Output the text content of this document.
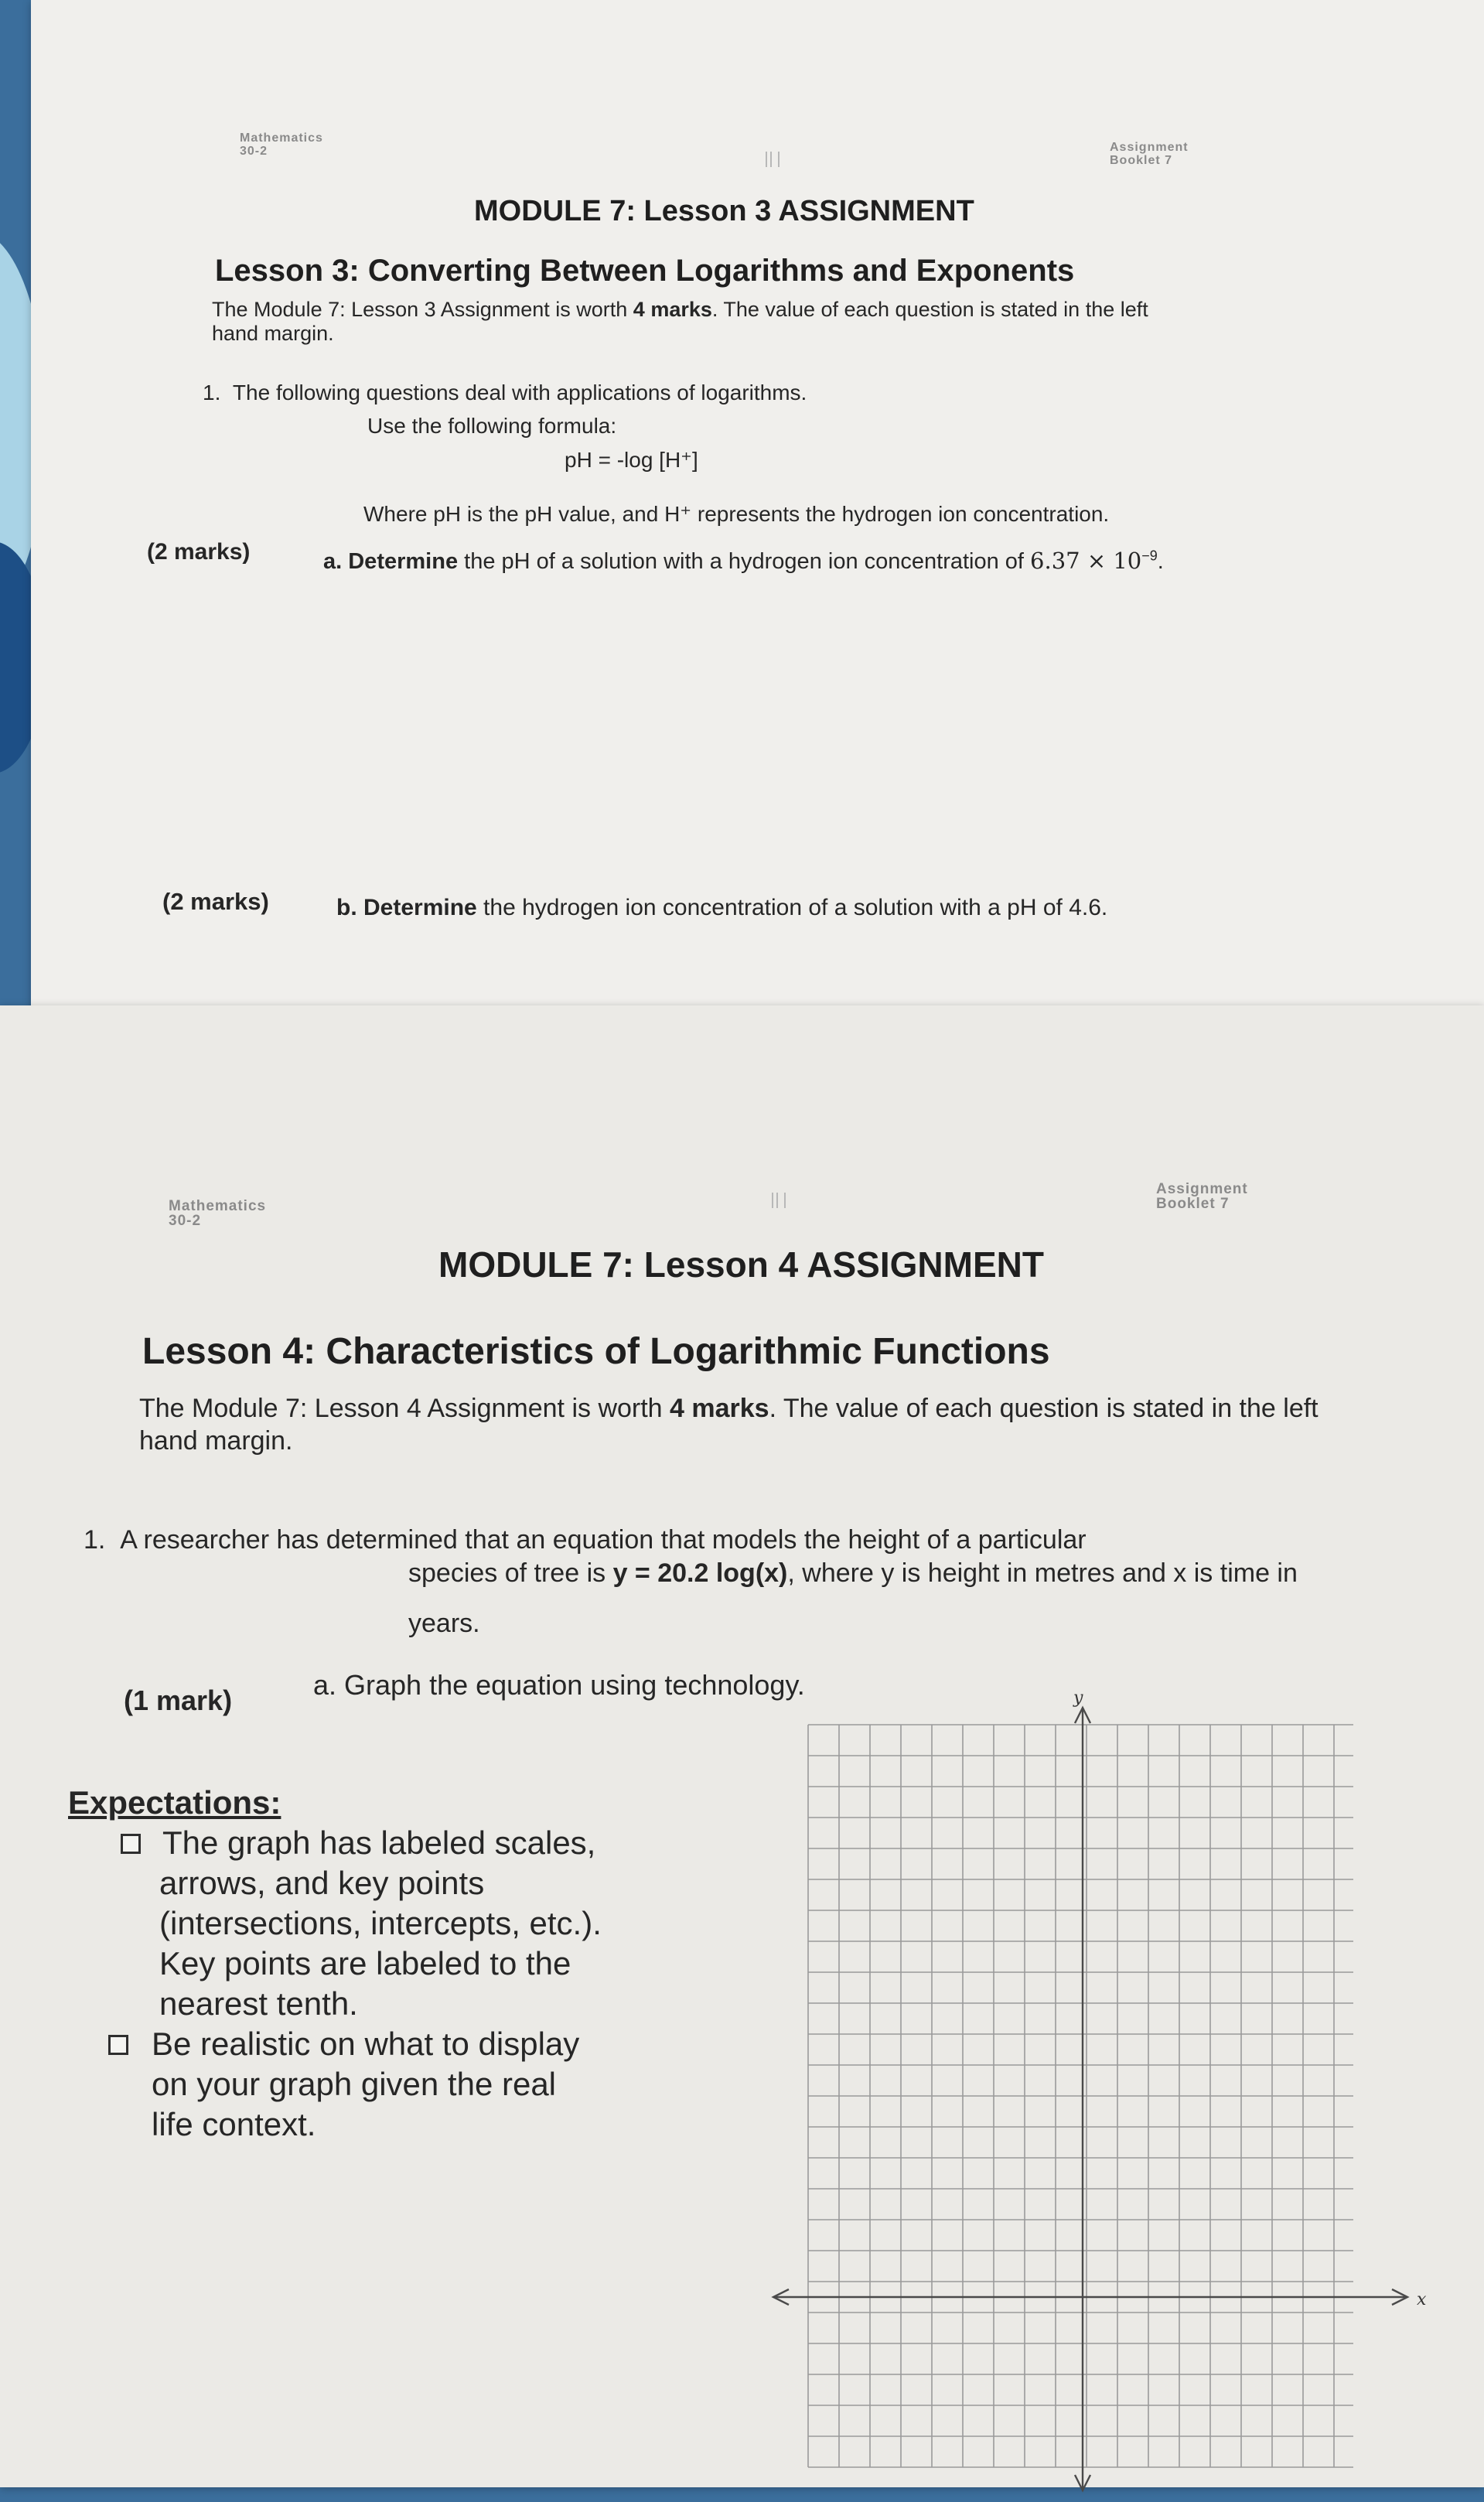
Mathematics
30-2	Assignment
Booklet 7
MODULE 7: Lesson 3 ASSIGNMENT
Lesson 3: Converting Between Logarithms and Exponents
The Module 7: Lesson 3 Assignment is worth 4 marks. The value of each question is stated in the left
hand margin.
1. The following questions deal with applications of logarithms.
Use the following formula:
pH = -log [H⁺]
Where pH is the pH value, and H⁺ represents the hydrogen ion concentration.
(2 marks)	a. Determine the pH of a solution with a hydrogen ion concentration of $6.37 \times 10^{-9}$.
(2 marks)	b. Determine the hydrogen ion concentration of a solution with a pH of 4.6.
Mathematics
30-2
Assignment
Booklet 7
MODULE 7: Lesson 4 ASSIGNMENT
Lesson 4: Characteristics of Logarithmic Functions
The Module 7: Lesson 4 Assignment is worth 4 marks. The value of each question is stated in the left
hand margin.
1. A researcher has determined that an equation that models the height of a particular
species of tree is y = 20.2 log(x), where y is height in metres and x is time in
years.
(1 mark)	a. Graph the equation using technology.
Expectations:
The graph has labeled scales,
arrows, and key points
(intersections, intercepts, etc.).
Key points are labeled to the
nearest tenth.
Be realistic on what to display
on your graph given the real
life context.
x
y
